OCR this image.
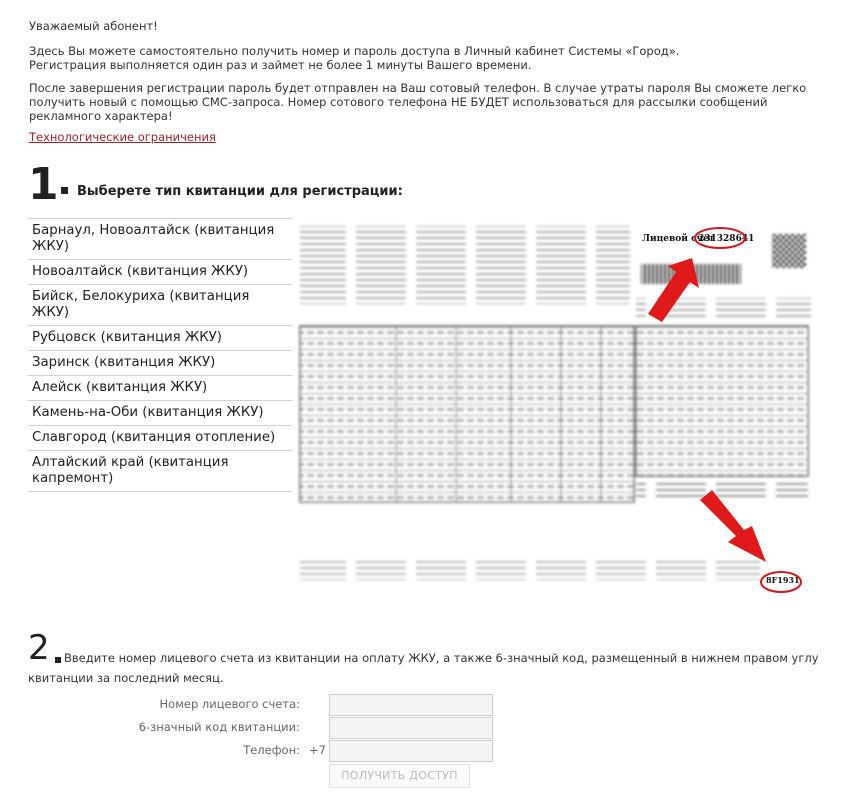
Уважаемый абонент!

Здесь Вы можете самостоятельно получить номер и пароль доступа в Личный кабинет Системы «Город».
Регистрация выполняется один раз и займет не более 1 минуты Вашего времени.

После завершения регистрации пароль будет отправлен на Ваш сотовый телефон. В случае утраты пароля Вы сможете легко получить новый с помощью СМС-запроса. Номер сотового телефона НЕ БУДЕТ использоваться для рассылки сообщений рекламного характера!

Технологические ограничения
1 Выберете тип квитанции для регистрации:
Барнаул, Новоалтайск (квитанция ЖКУ)
Новоалтайск (квитанция ЖКУ)
Бийск, Белокуриха (квитанция ЖКУ)
Рубцовск (квитанция ЖКУ)
Заринск (квитанция ЖКУ)
Алейск (квитанция ЖКУ)
Камень-на-Оби (квитанция ЖКУ)
Славгород (квитанция отопление)
Алтайский край (квитанция капремонт)
Лицевой счет
231328641
8F1931
2	Введите номер лицевого счета из квитанции на оплату ЖКУ, а также 6-значный код, размещенный в нижнем правом углу квитанции за последний месяц.
Номер лицевого счета:
6-значный код квитанции:
Телефон: +7
ПОЛУЧИТЬ ДОСТУП
